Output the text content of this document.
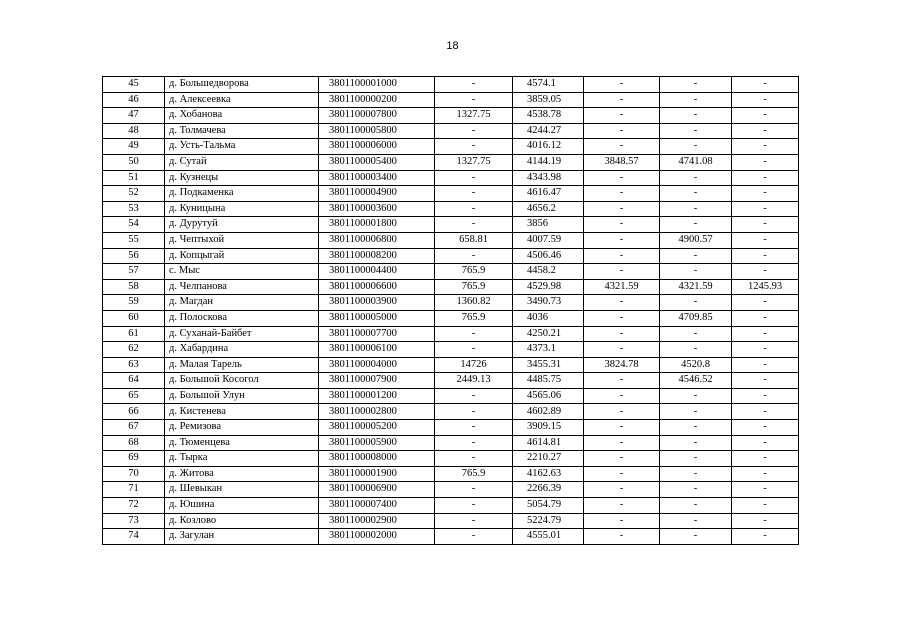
18
45	д. Большедворова	3801100001000	-	4574.1	-	-	-
46	д. Алексеевка	3801100000200	-	3859.05	-	-	-
47	д. Хобанова	3801100007800	1327.75	4538.78	-	-	-
48	д. Толмачева	3801100005800	-	4244.27	-	-	-
49	д. Усть-Тальма	3801100006000	-	4016.12	-	-	-
50	д. Сутай	3801100005400	1327.75	4144.19	3848.57	4741.08	-
51	д. Кузнецы	3801100003400	-	4343.98	-	-	-
52	д. Подкаменка	3801100004900	-	4616.47	-	-	-
53	д. Куницына	3801100003600	-	4656.2	-	-	-
54	д. Дурутуй	3801100001800	-	3856	-	-	-
55	д. Чептыхой	3801100006800	658.81	4007.59	-	4900.57	-
56	д. Копцыгай	3801100008200	-	4506.46	-	-	-
57	с. Мыс	3801100004400	765.9	4458.2	-	-	-
58	д. Челпанова	3801100006600	765.9	4529.98	4321.59	4321.59	1245.93
59	д. Магдан	3801100003900	1360.82	3490.73	-	-	-
60	д. Полоскова	3801100005000	765.9	4036	-	4709.85	-
61	д. Суханай-Байбет	3801100007700	-	4250.21	-	-	-
62	д. Хабардина	3801100006100	-	4373.1	-	-	-
63	д. Малая Тарель	3801100004000	14726	3455.31	3824.78	4520.8	-
64	д. Большой Косогол	3801100007900	2449.13	4485.75	-	4546.52	-
65	д. Большой Улун	3801100001200	-	4565.06	-	-	-
66	д. Кистенева	3801100002800	-	4602.89	-	-	-
67	д. Ремизова	3801100005200	-	3909.15	-	-	-
68	д. Тюменцева	3801100005900	-	4614.81	-	-	-
69	д. Тырка	3801100008000	-	2210.27	-	-	-
70	д. Житова	3801100001900	765.9	4162.63	-	-	-
71	д. Шевыкан	3801100006900	-	2266.39	-	-	-
72	д. Юшина	3801100007400	-	5054.79	-	-	-
73	д. Козлово	3801100002900	-	5224.79	-	-	-
74	д. Загулан	3801100002000	-	4555.01	-	-	-
